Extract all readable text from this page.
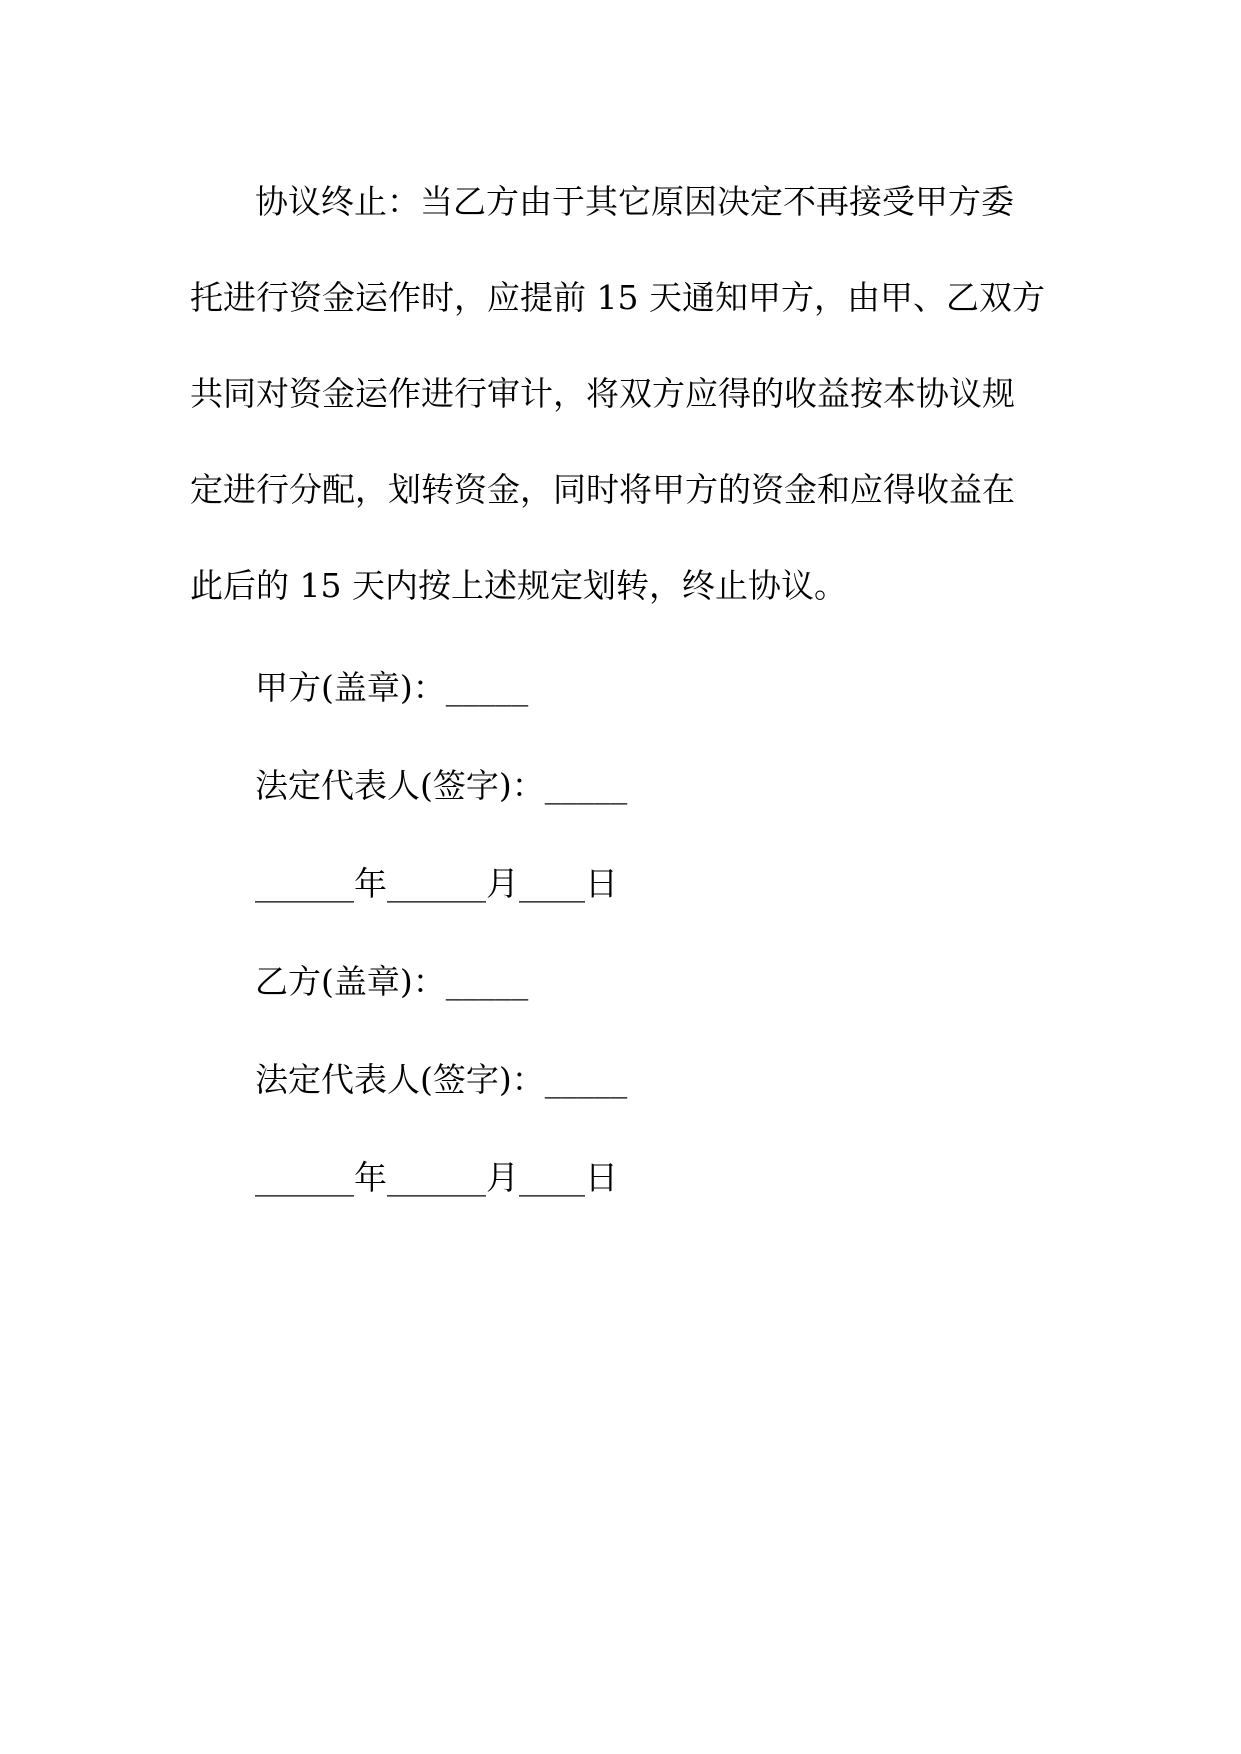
协议终止：当乙方由于其它原因决定不再接受甲方委
托进行资金运作时，应提前 15 天通知甲方，由甲、乙双方
共同对资金运作进行审计，将双方应得的收益按本协议规
定进行分配，划转资金，同时将甲方的资金和应得收益在
此后的 15 天内按上述规定划转，终止协议。
甲方(盖章)：_____
法定代表人(签字)：_____
______年______月____日
乙方(盖章)：_____
法定代表人(签字)：_____
______年______月____日
